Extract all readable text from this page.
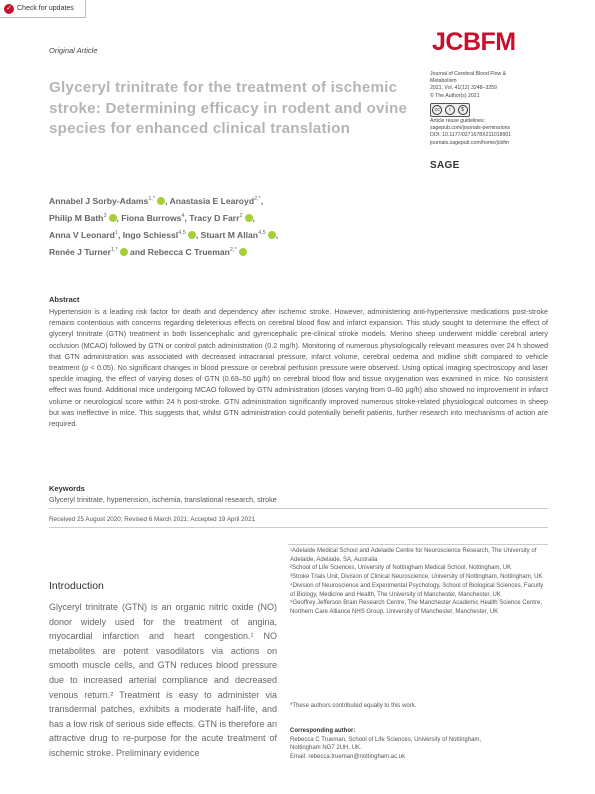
✓ Check for updates
Original Article	JCBFM
Journal of Cerebral Blood Flow &
Metabolism
2021, Vol. 41(12) 3248–3259
© The Author(s) 2021
cc	i	$
Article reuse guidelines:
sagepub.com/journals-permissions
DOI: 10.1177/0271678X211018901
journals.sagepub.com/home/jcbfm
SAGE
Glyceryl trinitrate for the treatment of ischemic stroke: Determining efficacy in rodent and ovine species for enhanced clinical translation
Annabel J Sorby-Adams$^{1,*}$ , Anastasia E Learoyd$^{2,*}$,
Philip M Bath$^3$ , Fiona Burrows$^4$, Tracy D Farr$^2$ ,
Anna V Leonard$^1$, Ingo Schiessl$^{4,5}$ , Stuart M Allan$^{4,5}$ ,
Renée J Turner$^{1,*}$ and Rebecca C Trueman$^{2,*}$
Abstract
Hypertension is a leading risk factor for death and dependency after ischemic stroke. However, administering anti-hypertensive medications post-stroke remains contentious with concerns regarding deleterious effects on cerebral blood flow and infarct expansion. This study sought to determine the effect of glyceryl trinitrate (GTN) treatment in both lissencephalic and gyrencephalic pre-clinical stroke models. Merino sheep underwent middle cerebral artery occlusion (MCAO) followed by GTN or control patch administration (0.2 mg/h). Monitoring of numerous physiologically relevant measures over 24 h showed that GTN administration was associated with decreased intracranial pressure, infarct volume, cerebral oedema and midline shift compared to vehicle treatment (p < 0.05). No significant changes in blood pressure or cerebral perfusion pressure were observed. Using optical imaging spectroscopy and laser speckle imaging, the effect of varying doses of GTN (0.69–50 μg/h) on cerebral blood flow and tissue oxygenation was examined in mice. No consistent effect was found. Additional mice undergoing MCAO followed by GTN administration (doses varying from 0–60 μg/h) also showed no improvement in infarct volume or neurological score within 24 h post-stroke. GTN administration significantly improved numerous stroke-related physiological outcomes in sheep but was ineffective in mice. This suggests that, whilst GTN administration could potentially benefit patients, further research into mechanisms of action are required.
Keywords
Glyceryl trinitrate, hypertension, ischemia, translational research, stroke
Received 25 August 2020; Revised 6 March 2021; Accepted 19 April 2021
Introduction
Glyceryl trinitrate (GTN) is an organic nitric oxide (NO) donor widely used for the treatment of angina, myocardial infarction and heart congestion.¹ NO metabolites are potent vasodilators via actions on smooth muscle cells, and GTN reduces blood pressure due to increased arterial compliance and decreased venous return.² Treatment is easy to administer via transdermal patches, exhibits a moderate half-life, and has a low risk of serious side effects. GTN is therefore an attractive drug to re-purpose for the acute treatment of ischemic stroke. Preliminary evidence
¹Adelaide Medical School and Adelaide Centre for Neuroscience Research, The University of Adelaide, Adelaide, SA, Australia
²School of Life Sciences, University of Nottingham Medical School, Nottingham, UK
³Stroke Trials Unit, Division of Clinical Neuroscience, University of Nottingham, Nottingham, UK
⁴Division of Neuroscience and Experimental Psychology, School of Biological Sciences, Faculty of Biology, Medicine and Health, The University of Manchester, Manchester, UK
⁵Geoffrey Jefferson Brain Research Centre, The Manchester Academic Health Science Centre, Northern Care Alliance NHS Group, University of Manchester, Manchester, UK
*These authors contributed equally to this work.
Corresponding author:
Rebecca C Trueman, School of Life Sciences, University of Nottingham,
Nottingham NG7 2UH, UK.
Email: rebecca.trueman@nottingham.ac.uk
